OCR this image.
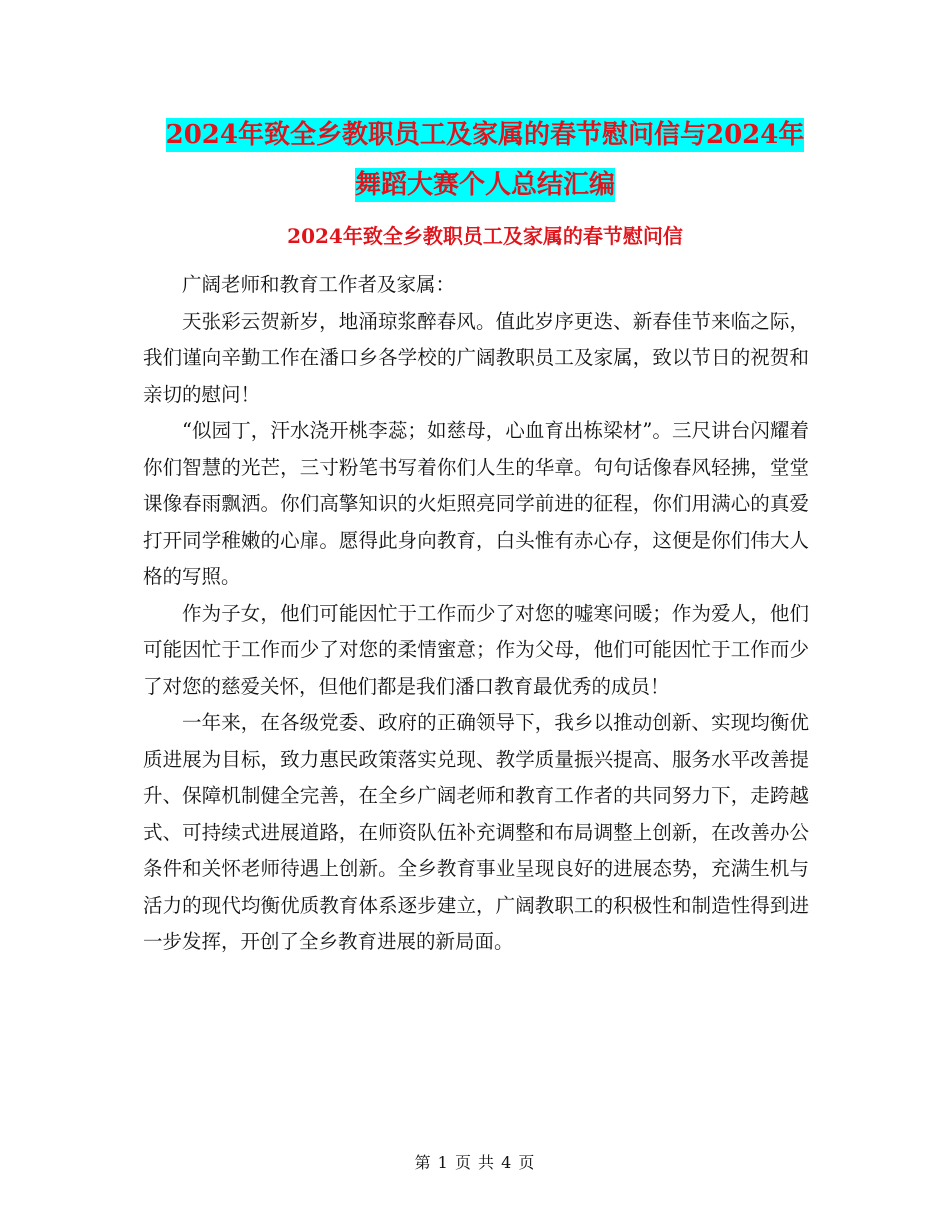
2024年致全乡教职员工及家属的春节慰问信与2024年
舞蹈大赛个人总结汇编
2024年致全乡教职员工及家属的春节慰问信

广阔老师和教育工作者及家属：

天张彩云贺新岁，地涌琼浆醉春风。值此岁序更迭、新春佳节来临之际，我们谨向辛勤工作在潘口乡各学校的广阔教职员工及家属，致以节日的祝贺和亲切的慰问！

“似园丁，汗水浇开桃李蕊；如慈母，心血育出栋梁材”。三尺讲台闪耀着你们智慧的光芒，三寸粉笔书写着你们人生的华章。句句话像春风轻拂，堂堂课像春雨飘洒。你们高擎知识的火炬照亮同学前进的征程，你们用满心的真爱打开同学稚嫩的心扉。愿得此身向教育，白头惟有赤心存，这便是你们伟大人格的写照。

作为子女，他们可能因忙于工作而少了对您的嘘寒问暖；作为爱人，他们可能因忙于工作而少了对您的柔情蜜意；作为父母，他们可能因忙于工作而少了对您的慈爱关怀，但他们都是我们潘口教育最优秀的成员！

一年来，在各级党委、政府的正确领导下，我乡以推动创新、实现均衡优质进展为目标，致力惠民政策落实兑现、教学质量振兴提高、服务水平改善提升、保障机制健全完善，在全乡广阔老师和教育工作者的共同努力下，走跨越式、可持续式进展道路，在师资队伍补充调整和布局调整上创新，在改善办公条件和关怀老师待遇上创新。全乡教育事业呈现良好的进展态势，充满生机与活力的现代均衡优质教育体系逐步建立，广阔教职工的积极性和制造性得到进一步发挥，开创了全乡教育进展的新局面。

第 1 页 共 4 页
